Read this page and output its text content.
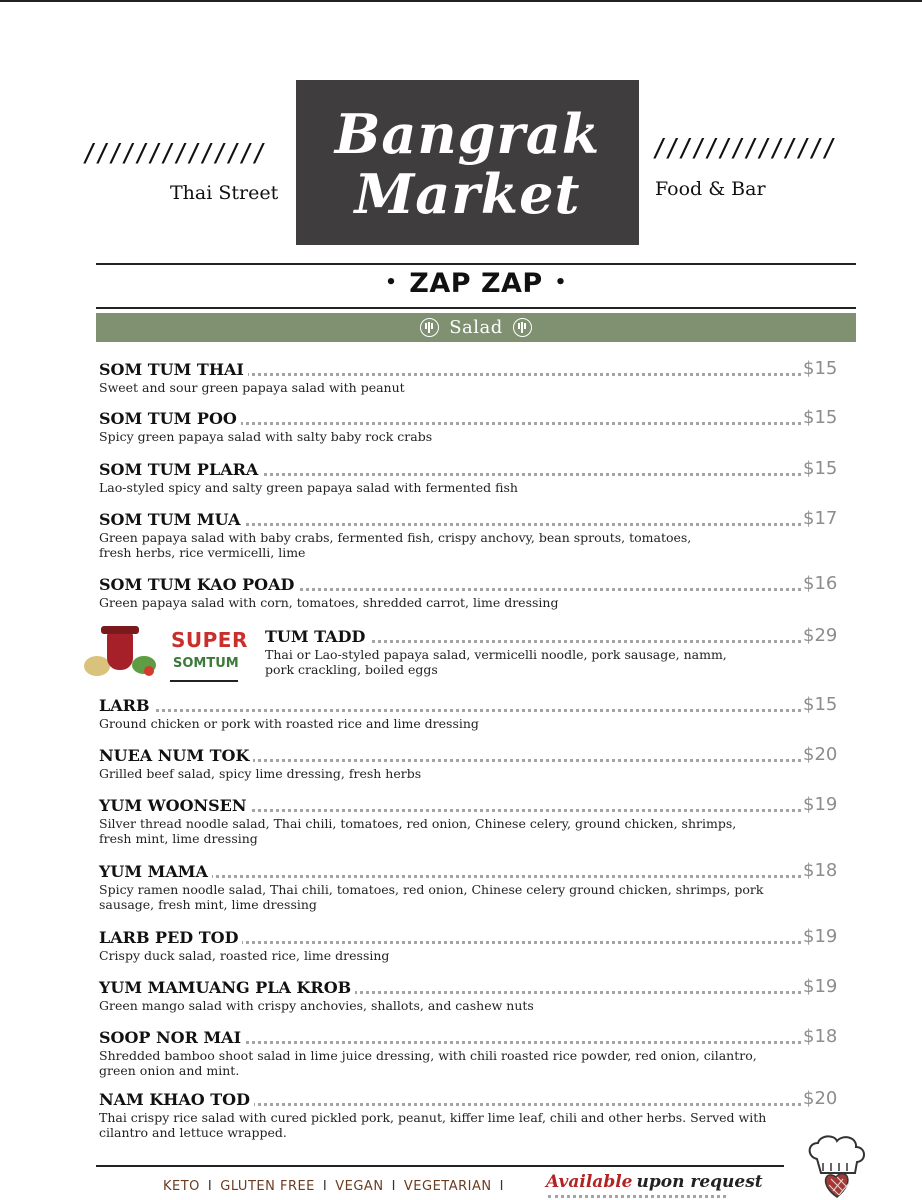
//////////////
Thai Street
Bangrak
Market
//////////////
Food & Bar
• ZAP ZAP •
Salad
SOM TUM THAI	$15
Sweet and sour green papaya salad with peanut
SOM TUM POO	$15
Spicy green papaya salad with salty baby rock crabs
SOM TUM PLARA	$15
Lao-styled spicy and salty green papaya salad with fermented fish
SOM TUM MUA	$17
Green papaya salad with baby crabs, fermented fish, crispy anchovy, bean sprouts, tomatoes,
fresh herbs, rice vermicelli, lime
SOM TUM KAO POAD	$16
Green papaya salad with corn, tomatoes, shredded carrot, lime dressing
TUM TADD	$29
Thai or Lao-styled papaya salad, vermicelli noodle, pork sausage, namm,
pork crackling, boiled eggs
LARB	$15
Ground chicken or pork with roasted rice and lime dressing
NUEA NUM TOK	$20
Grilled beef salad, spicy lime dressing, fresh herbs
YUM WOONSEN	$19
Silver thread noodle salad, Thai chili, tomatoes, red onion, Chinese celery, ground chicken, shrimps,
fresh mint, lime dressing
YUM MAMA	$18
Spicy ramen noodle salad, Thai chili, tomatoes, red onion, Chinese celery ground chicken, shrimps, pork
sausage, fresh mint, lime dressing
LARB PED TOD	$19
Crispy duck salad, roasted rice, lime dressing
YUM MAMUANG PLA KROB	$19
Green mango salad with crispy anchovies, shallots, and cashew nuts
SOOP NOR MAI	$18
Shredded bamboo shoot salad in lime juice dressing, with chili roasted rice powder, red onion, cilantro,
green onion and mint.
NAM KHAO TOD	$20
Thai crispy rice salad with cured pickled pork, peanut, kiffer lime leaf, chili and other herbs. Served with
cilantro and lettuce wrapped.
SUPER
SOMTUM
KETO I GLUTEN FREE I VEGAN I VEGETARIAN I	Available upon request
